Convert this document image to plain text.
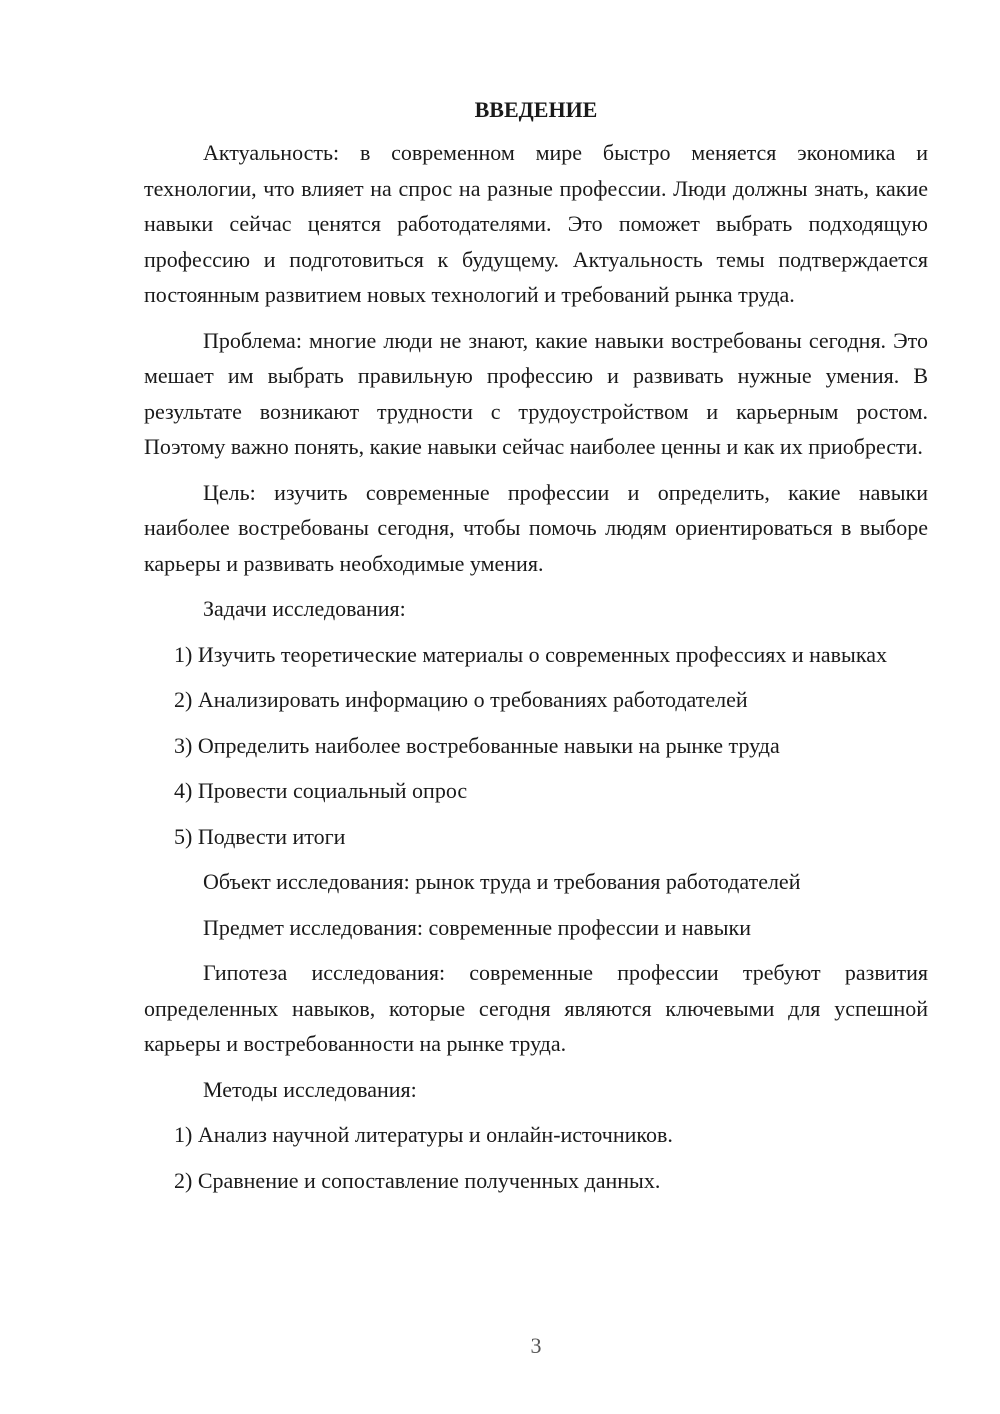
ВВЕДЕНИЕ

Актуальность: в современном мире быстро меняется экономика и технологии, что влияет на спрос на разные профессии. Люди должны знать, какие навыки сейчас ценятся работодателями. Это поможет выбрать подходящую профессию и подготовиться к будущему. Актуальность темы подтверждается постоянным развитием новых технологий и требований рынка труда.

Проблема: многие люди не знают, какие навыки востребованы сегодня. Это мешает им выбрать правильную профессию и развивать нужные умения. В результате возникают трудности с трудоустройством и карьерным ростом. Поэтому важно понять, какие навыки сейчас наиболее ценны и как их приобрести.

Цель: изучить современные профессии и определить, какие навыки наиболее востребованы сегодня, чтобы помочь людям ориентироваться в выборе карьеры и развивать необходимые умения.

Задачи исследования:

1) Изучить теоретические материалы о современных профессиях и навыках

2) Анализировать информацию о требованиях работодателей

3) Определить наиболее востребованные навыки на рынке труда

4) Провести социальный опрос

5) Подвести итоги

Объект исследования: рынок труда и требования работодателей

Предмет исследования: современные профессии и навыки

Гипотеза исследования: современные профессии требуют развития определенных навыков, которые сегодня являются ключевыми для успешной карьеры и востребованности на рынке труда.

Методы исследования:

1) Анализ научной литературы и онлайн-источников.

2) Сравнение и сопоставление полученных данных.

3
